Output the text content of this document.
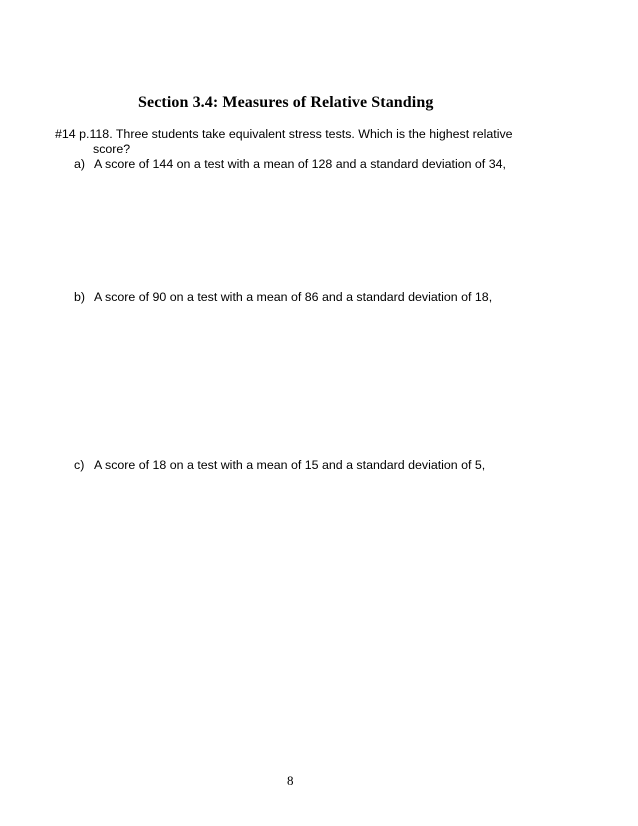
Section 3.4: Measures of Relative Standing
#14 p.118. Three students take equivalent stress tests. Which is the highest relative
score?
a) A score of 144 on a test with a mean of 128 and a standard deviation of 34,
b) A score of 90 on a test with a mean of 86 and a standard deviation of 18,
c) A score of 18 on a test with a mean of 15 and a standard deviation of 5,
8
